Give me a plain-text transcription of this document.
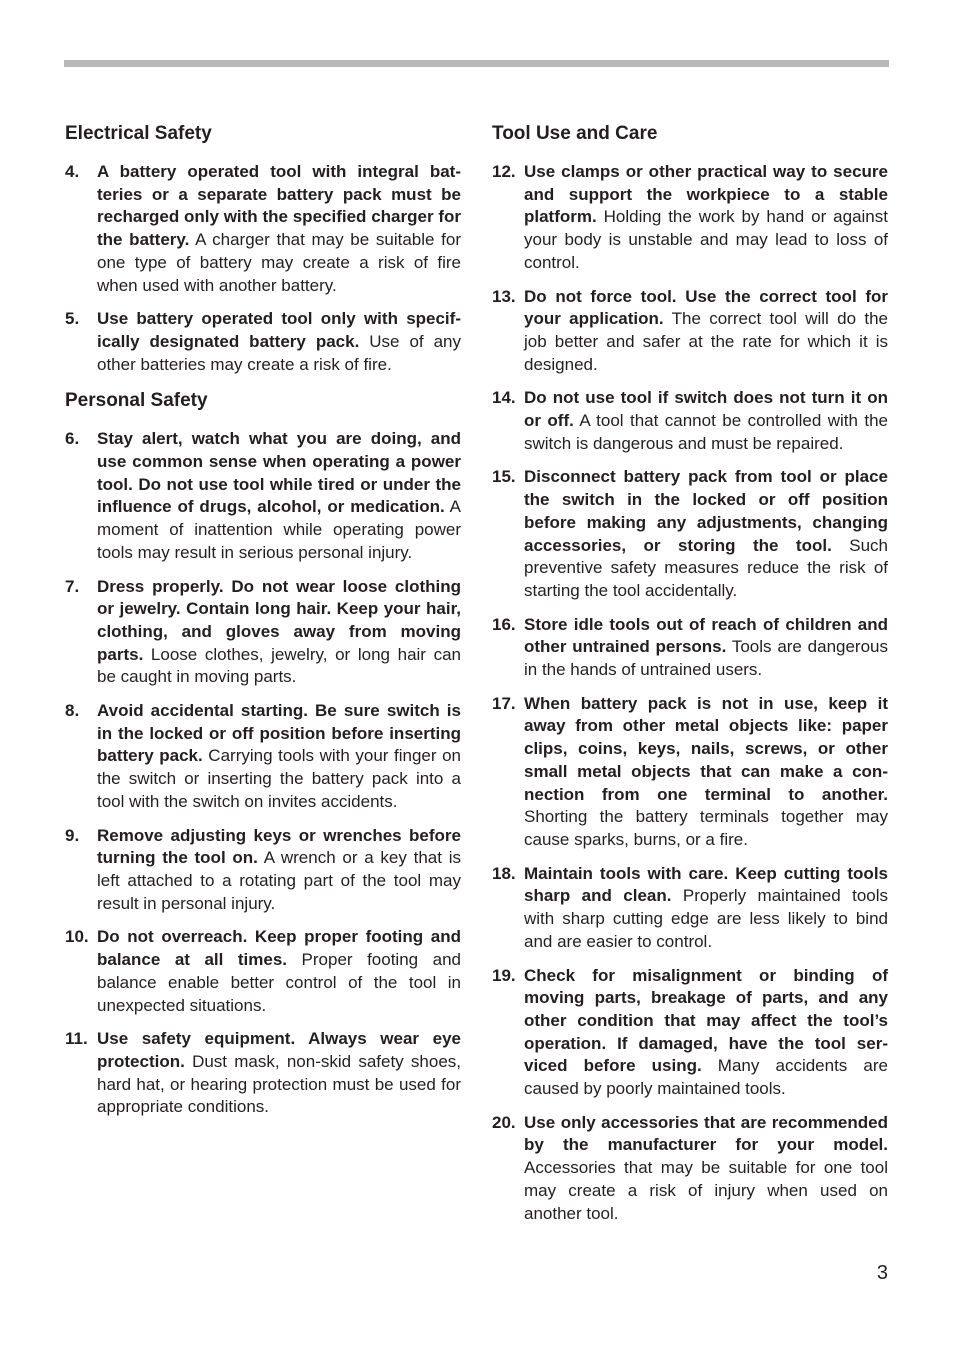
Electrical Safety
4. A battery operated tool with integral batteries or a separate battery pack must be recharged only with the specified charger for the battery. A charger that may be suitable for one type of battery may create a risk of fire when used with another battery.
5. Use battery operated tool only with specifically designated battery pack. Use of any other batteries may create a risk of fire.
Personal Safety
6. Stay alert, watch what you are doing, and use common sense when operating a power tool. Do not use tool while tired or under the influence of drugs, alcohol, or medication. A moment of inattention while operating power tools may result in serious personal injury.
7. Dress properly. Do not wear loose clothing or jewelry. Contain long hair. Keep your hair, clothing, and gloves away from moving parts. Loose clothes, jewelry, or long hair can be caught in moving parts.
8. Avoid accidental starting. Be sure switch is in the locked or off position before inserting battery pack. Carrying tools with your finger on the switch or inserting the battery pack into a tool with the switch on invites accidents.
9. Remove adjusting keys or wrenches before turning the tool on. A wrench or a key that is left attached to a rotating part of the tool may result in personal injury.
10. Do not overreach. Keep proper footing and balance at all times. Proper footing and balance enable better control of the tool in unexpected situations.
11. Use safety equipment. Always wear eye protection. Dust mask, non-skid safety shoes, hard hat, or hearing protection must be used for appropriate conditions.
Tool Use and Care
12. Use clamps or other practical way to secure and support the workpiece to a stable platform. Holding the work by hand or against your body is unstable and may lead to loss of control.
13. Do not force tool. Use the correct tool for your application. The correct tool will do the job better and safer at the rate for which it is designed.
14. Do not use tool if switch does not turn it on or off. A tool that cannot be controlled with the switch is dangerous and must be repaired.
15. Disconnect battery pack from tool or place the switch in the locked or off position before making any adjustments, changing accessories, or storing the tool. Such preventive safety measures reduce the risk of starting the tool accidentally.
16. Store idle tools out of reach of children and other untrained persons. Tools are dangerous in the hands of untrained users.
17. When battery pack is not in use, keep it away from other metal objects like: paper clips, coins, keys, nails, screws, or other small metal objects that can make a connection from one terminal to another. Shorting the battery terminals together may cause sparks, burns, or a fire.
18. Maintain tools with care. Keep cutting tools sharp and clean. Properly maintained tools with sharp cutting edge are less likely to bind and are easier to control.
19. Check for misalignment or binding of moving parts, breakage of parts, and any other condition that may affect the tool’s operation. If damaged, have the tool serviced before using. Many accidents are caused by poorly maintained tools.
20. Use only accessories that are recommended by the manufacturer for your model. Accessories that may be suitable for one tool may create a risk of injury when used on another tool.
3
